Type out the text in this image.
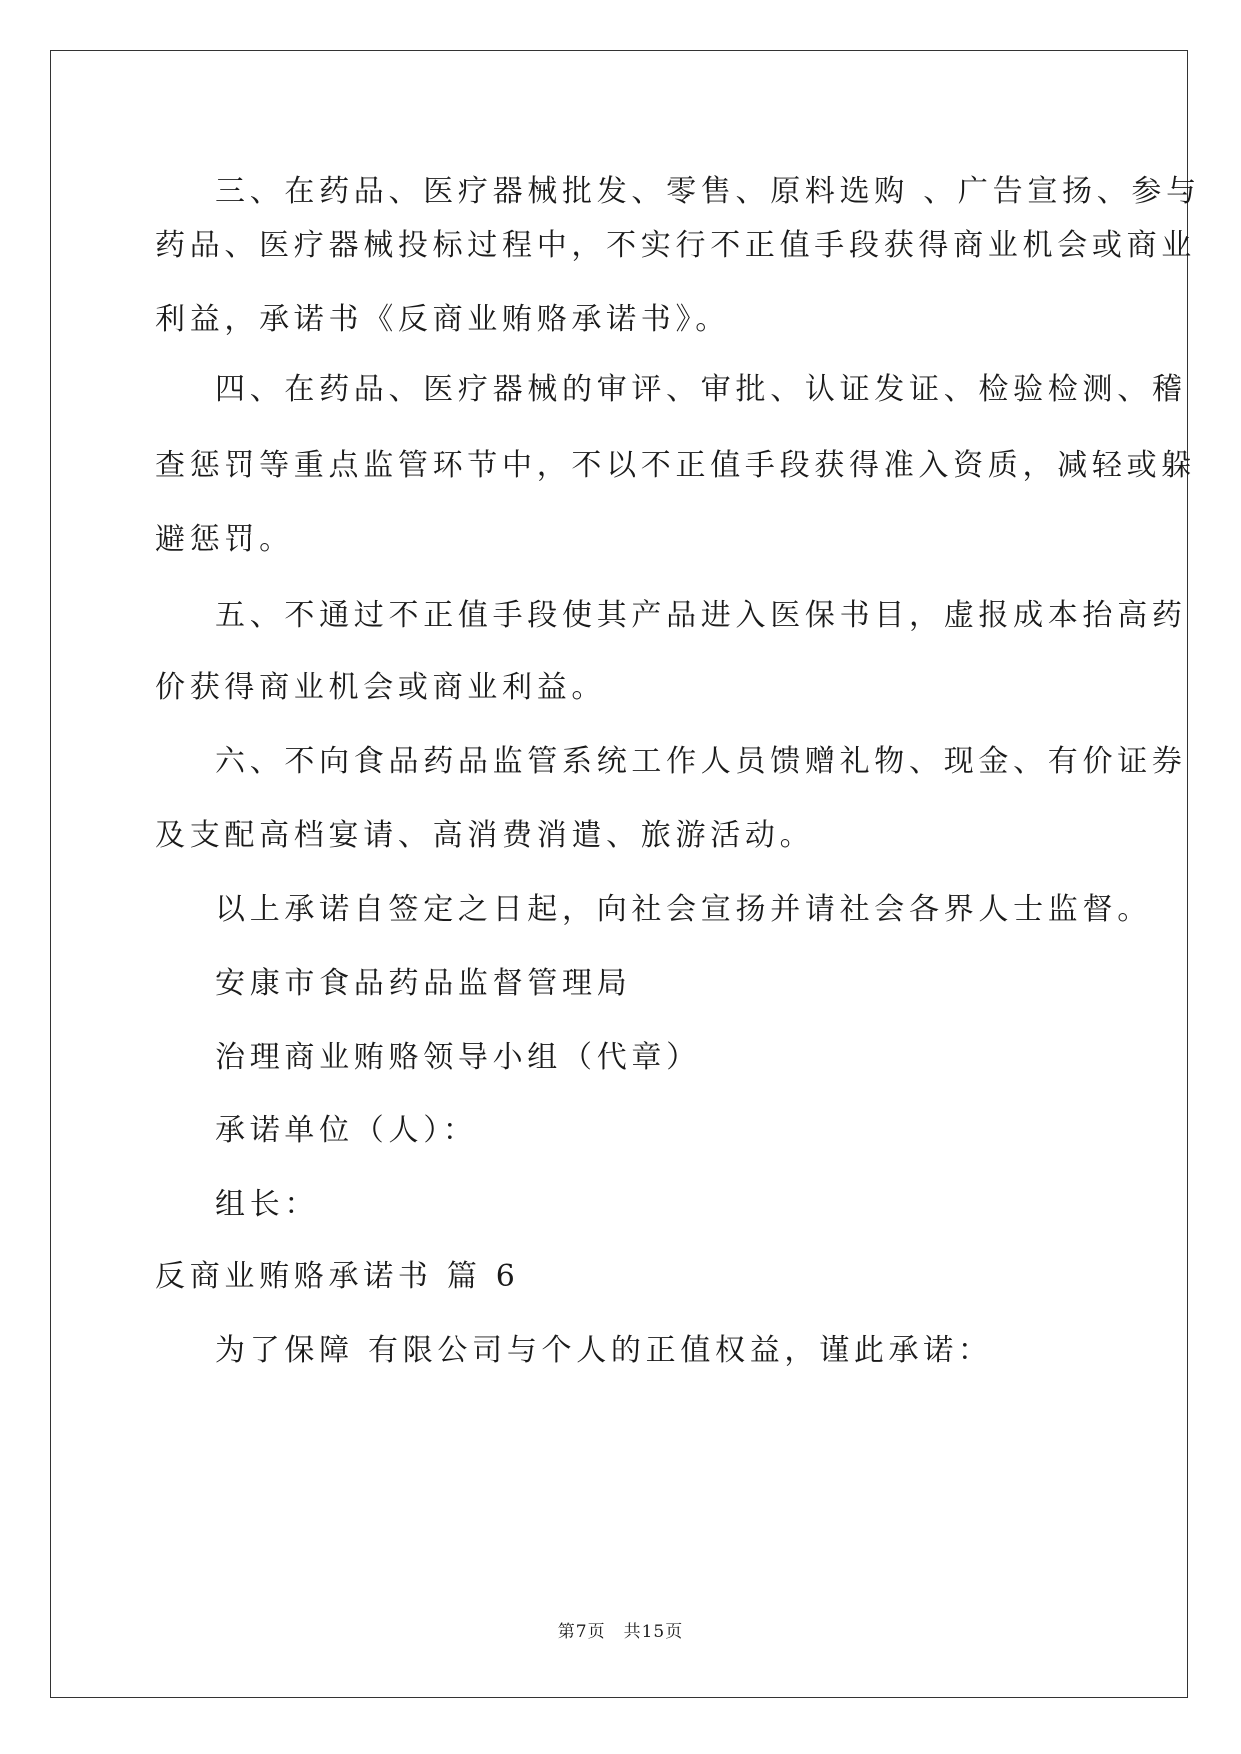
三、在药品、医疗器械批发、零售、原料选购 、广告宣扬、参与
药品、医疗器械投标过程中，不实行不正值手段获得商业机会或商业
利益，承诺书《反商业贿赂承诺书》。
四、在药品、医疗器械的审评、审批、认证发证、检验检测、稽
查惩罚等重点监管环节中，不以不正值手段获得准入资质，减轻或躲
避惩罚。
五、不通过不正值手段使其产品进入医保书目，虚报成本抬高药
价获得商业机会或商业利益。
六、不向食品药品监管系统工作人员馈赠礼物、现金、有价证券
及支配高档宴请、高消费消遣、旅游活动。
以上承诺自签定之日起，向社会宣扬并请社会各界人士监督。
安康市食品药品监督管理局
治理商业贿赂领导小组（代章）
承诺单位（人）：
组长：
反商业贿赂承诺书 篇 6
为了保障 有限公司与个人的正值权益，谨此承诺：
第7页　共15页
